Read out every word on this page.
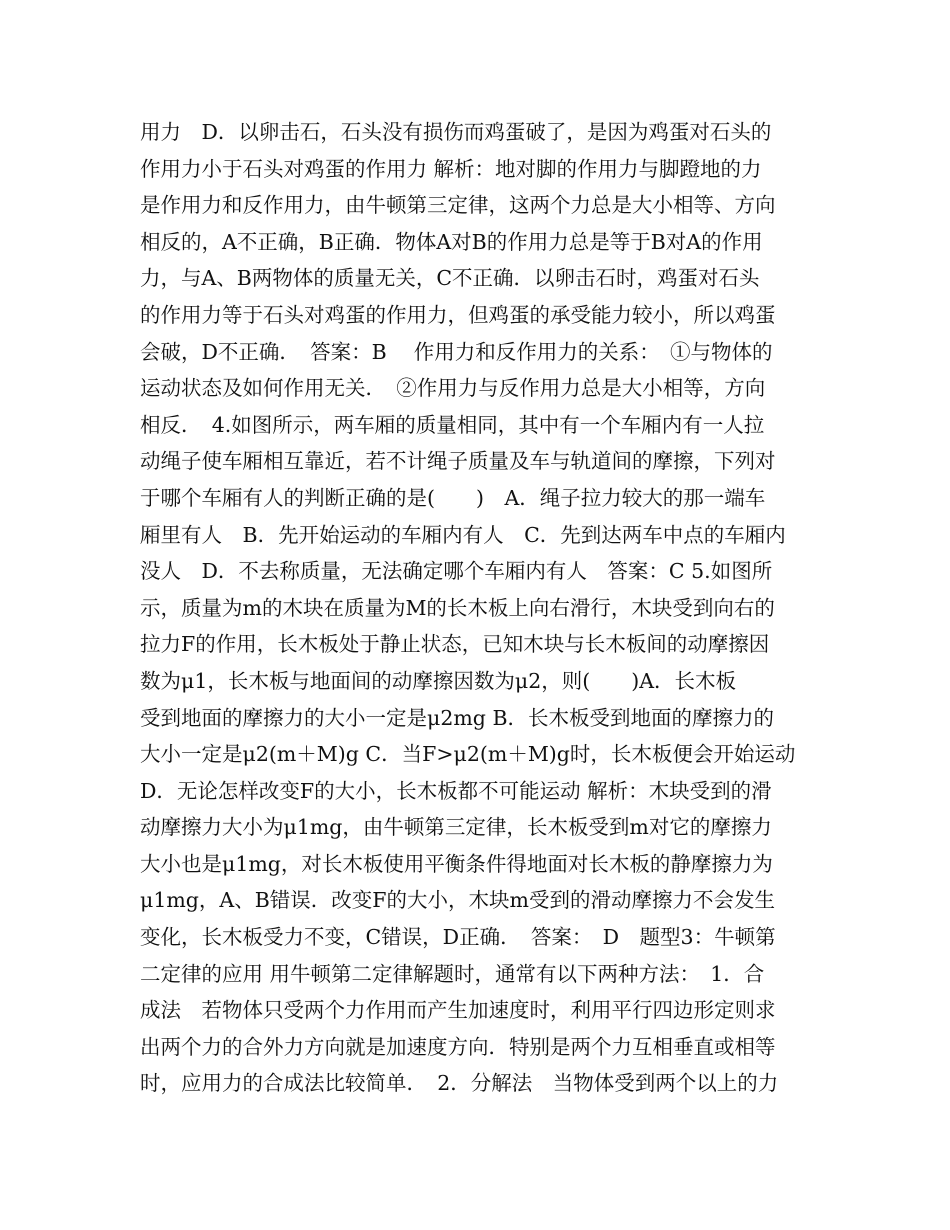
用力　D．以卵击石，石头没有损伤而鸡蛋破了，是因为鸡蛋对石头的
作用力小于石头对鸡蛋的作用力 解析：地对脚的作用力与脚蹬地的力
是作用力和反作用力，由牛顿第三定律，这两个力总是大小相等、方向
相反的，A不正确，B正确．物体A对B的作用力总是等于B对A的作用
力，与A、B两物体的质量无关，C不正确．以卵击石时，鸡蛋对石头
的作用力等于石头对鸡蛋的作用力，但鸡蛋的承受能力较小，所以鸡蛋
会破，D不正确．　答案：B　 作用力和反作用力的关系：　①与物体的
运动状态及如何作用无关．　②作用力与反作用力总是大小相等，方向
相反．　4.如图所示，两车厢的质量相同，其中有一个车厢内有一人拉
动绳子使车厢相互靠近，若不计绳子质量及车与轨道间的摩擦，下列对
于哪个车厢有人的判断正确的是(　　)　A．绳子拉力较大的那一端车
厢里有人　B．先开始运动的车厢内有人　C．先到达两车中点的车厢内
没人　D．不去称质量，无法确定哪个车厢内有人　答案：C 5.如图所
示，质量为m的木块在质量为M的长木板上向右滑行，木块受到向右的
拉力F的作用，长木板处于静止状态，已知木块与长木板间的动摩擦因
数为μ1，长木板与地面间的动摩擦因数为μ2，则(　　)A．长木板
受到地面的摩擦力的大小一定是μ2mg B．长木板受到地面的摩擦力的
大小一定是μ2(m＋M)g C．当F>μ2(m＋M)g时，长木板便会开始运动
D．无论怎样改变F的大小，长木板都不可能运动 解析：木块受到的滑
动摩擦力大小为μ1mg，由牛顿第三定律，长木板受到m对它的摩擦力
大小也是μ1mg，对长木板使用平衡条件得地面对长木板的静摩擦力为
μ1mg，A、B错误．改变F的大小，木块m受到的滑动摩擦力不会发生
变化，长木板受力不变，C错误，D正确．　答案：　D　题型3：牛顿第
二定律的应用 用牛顿第二定律解题时，通常有以下两种方法：　1．合
成法　若物体只受两个力作用而产生加速度时，利用平行四边形定则求
出两个力的合外力方向就是加速度方向．特别是两个力互相垂直或相等
时，应用力的合成法比较简单．　2．分解法　当物体受到两个以上的力
